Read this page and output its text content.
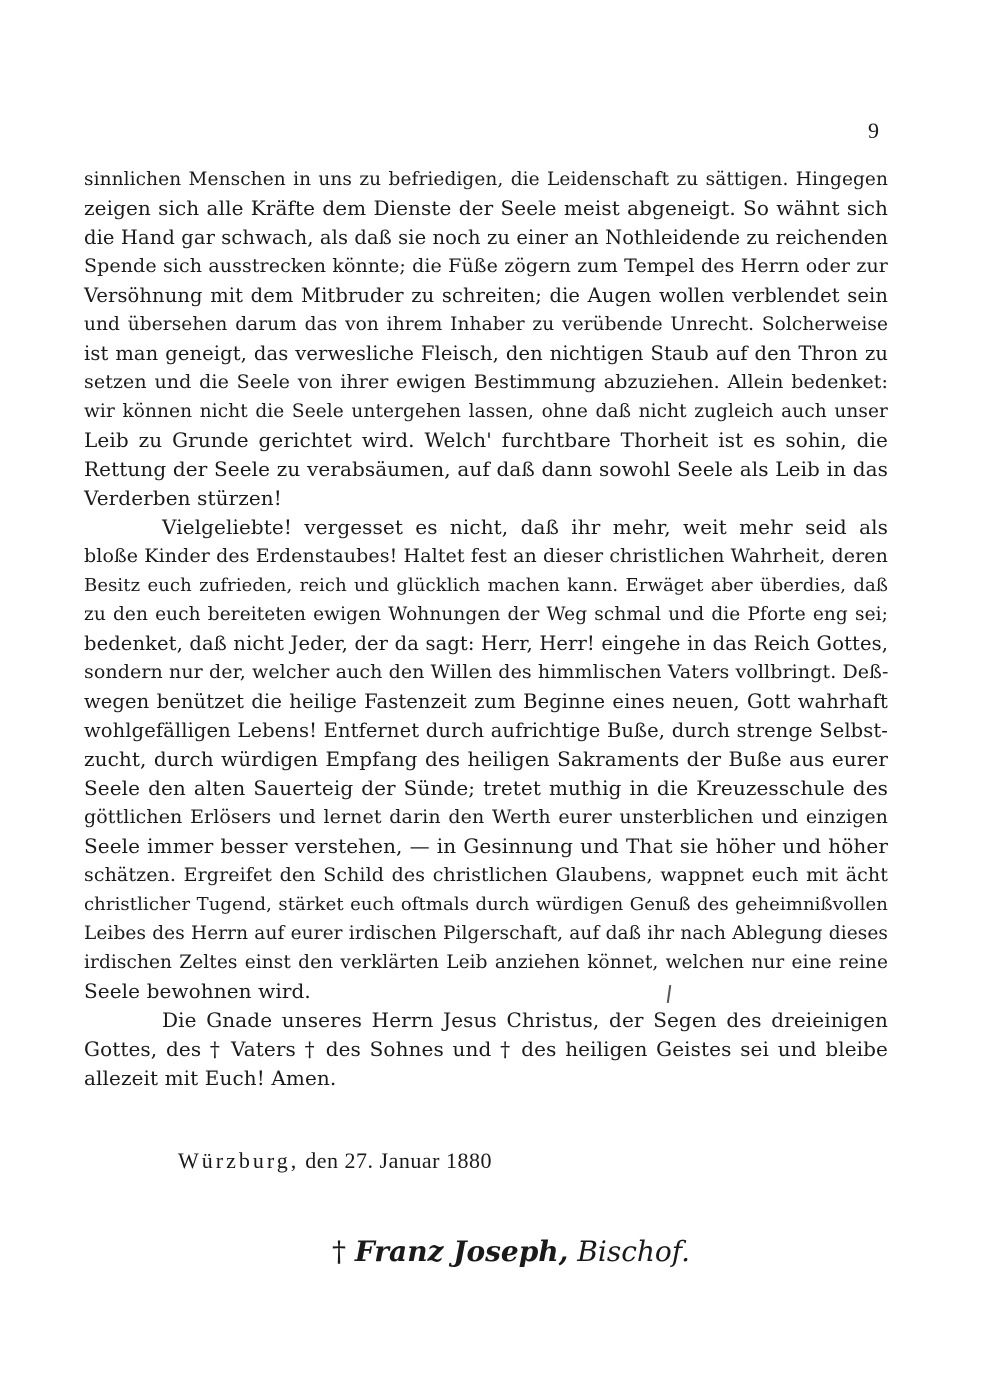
9
sinnlichen Menschen in uns zu befriedigen, die Leidenschaft zu sättigen. Hingegen
zeigen sich alle Kräfte dem Dienste der Seele meist abgeneigt. So wähnt sich
die Hand gar schwach, als daß sie noch zu einer an Nothleidende zu reichenden
Spende sich ausstrecken könnte; die Füße zögern zum Tempel des Herrn oder zur
Versöhnung mit dem Mitbruder zu schreiten; die Augen wollen verblendet sein
und übersehen darum das von ihrem Inhaber zu verübende Unrecht. Solcherweise
ist man geneigt, das verwesliche Fleisch, den nichtigen Staub auf den Thron zu
setzen und die Seele von ihrer ewigen Bestimmung abzuziehen. Allein bedenket:
wir können nicht die Seele untergehen lassen, ohne daß nicht zugleich auch unser
Leib zu Grunde gerichtet wird. Welch' furchtbare Thorheit ist es sohin, die
Rettung der Seele zu verabsäumen, auf daß dann sowohl Seele als Leib in das
Verderben stürzen!
Vielgeliebte! vergesset es nicht, daß ihr mehr, weit mehr seid als
bloße Kinder des Erdenstaubes! Haltet fest an dieser christlichen Wahrheit, deren
Besitz euch zufrieden, reich und glücklich machen kann. Erwäget aber überdies, daß
zu den euch bereiteten ewigen Wohnungen der Weg schmal und die Pforte eng sei;
bedenket, daß nicht Jeder, der da sagt: Herr, Herr! eingehe in das Reich Gottes,
sondern nur der, welcher auch den Willen des himmlischen Vaters vollbringt. Deß-
wegen benützet die heilige Fastenzeit zum Beginne eines neuen, Gott wahrhaft
wohlgefälligen Lebens! Entfernet durch aufrichtige Buße, durch strenge Selbst-
zucht, durch würdigen Empfang des heiligen Sakraments der Buße aus eurer
Seele den alten Sauerteig der Sünde; tretet muthig in die Kreuzesschule des
göttlichen Erlösers und lernet darin den Werth eurer unsterblichen und einzigen
Seele immer besser verstehen, — in Gesinnung und That sie höher und höher
schätzen. Ergreifet den Schild des christlichen Glaubens, wappnet euch mit ächt
christlicher Tugend, stärket euch oftmals durch würdigen Genuß des geheimnißvollen
Leibes des Herrn auf eurer irdischen Pilgerschaft, auf daß ihr nach Ablegung dieses
irdischen Zeltes einst den verklärten Leib anziehen könnet, welchen nur eine reine
Seele bewohnen wird.
Die Gnade unseres Herrn Jesus Christus, der Segen des dreieinigen
Gottes, des † Vaters † des Sohnes und † des heiligen Geistes sei und bleibe
allezeit mit Euch! Amen.
Würzburg, den 27. Januar 1880
† Franz Joseph, Bischof.
